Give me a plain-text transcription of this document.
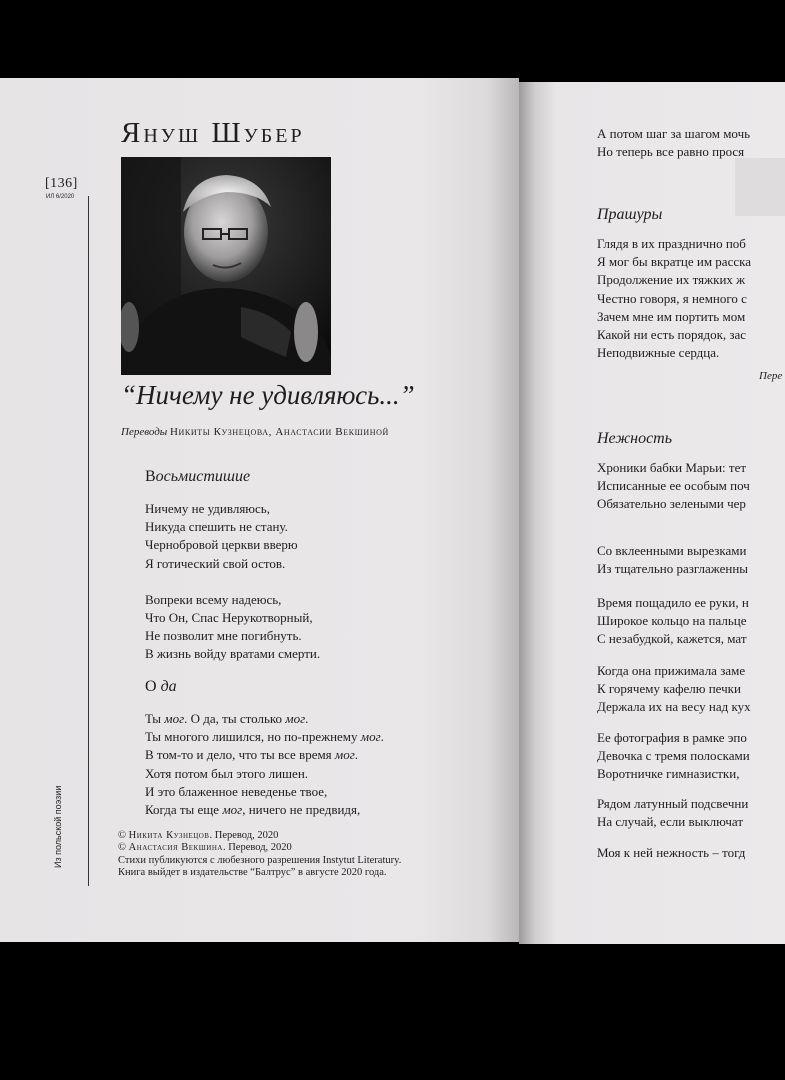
[136]
ИЛ 6/2020
Из польской поэзии
Януш Шубер
“Ничему не удивляюсь...”
Переводы Никиты Кузнецова, Анастасии Векшиной
Восьмистишие
Ничему не удивляюсь,
Никуда спешить не стану.
Чернобровой церкви вверю
Я готический свой остов.
Вопреки всему надеюсь,
Что Он, Спас Нерукотворный,
Не позволит мне погибнуть.
В жизнь войду вратами смерти.
О да
Ты мог. О да, ты столько мог.
Ты многого лишился, но по-прежнему мог.
В том-то и дело, что ты все время мог.
Хотя потом был этого лишен.
И это блаженное неведенье твое,
Когда ты еще мог, ничего не предвидя,
© Никита Кузнецов. Перевод, 2020
© Анастасия Векшина. Перевод, 2020
Стихи публикуются с любезного разрешения Instytut Literatury.
Книга выйдет в издательстве “Балтрус” в августе 2020 года.
А потом шаг за шагом мочь
Но теперь все равно прося
Прашуры
Глядя в их празднично поб
Я мог бы вкратце им расска
Продолжение их тяжких ж
Честно говоря, я немного с
Зачем мне им портить мом
Какой ни есть порядок, зас
Неподвижные сердца.
Пере
Нежность
Хроники бабки Марьи: тет
Исписанные ее особым поч
Обязательно зелеными чер
Со вклеенными вырезками
Из тщательно разглаженны
Время пощадило ее руки, н
Широкое кольцо на пальце
С незабудкой, кажется, мат
Когда она прижимала заме
К горячему кафелю печки
Держала их на весу над кух
Ее фотография в рамке эпо
Девочка с тремя полосками
Воротничке гимназистки,
Рядом латунный подсвечни
На случай, если выключат
Моя к ней нежность – тогд
